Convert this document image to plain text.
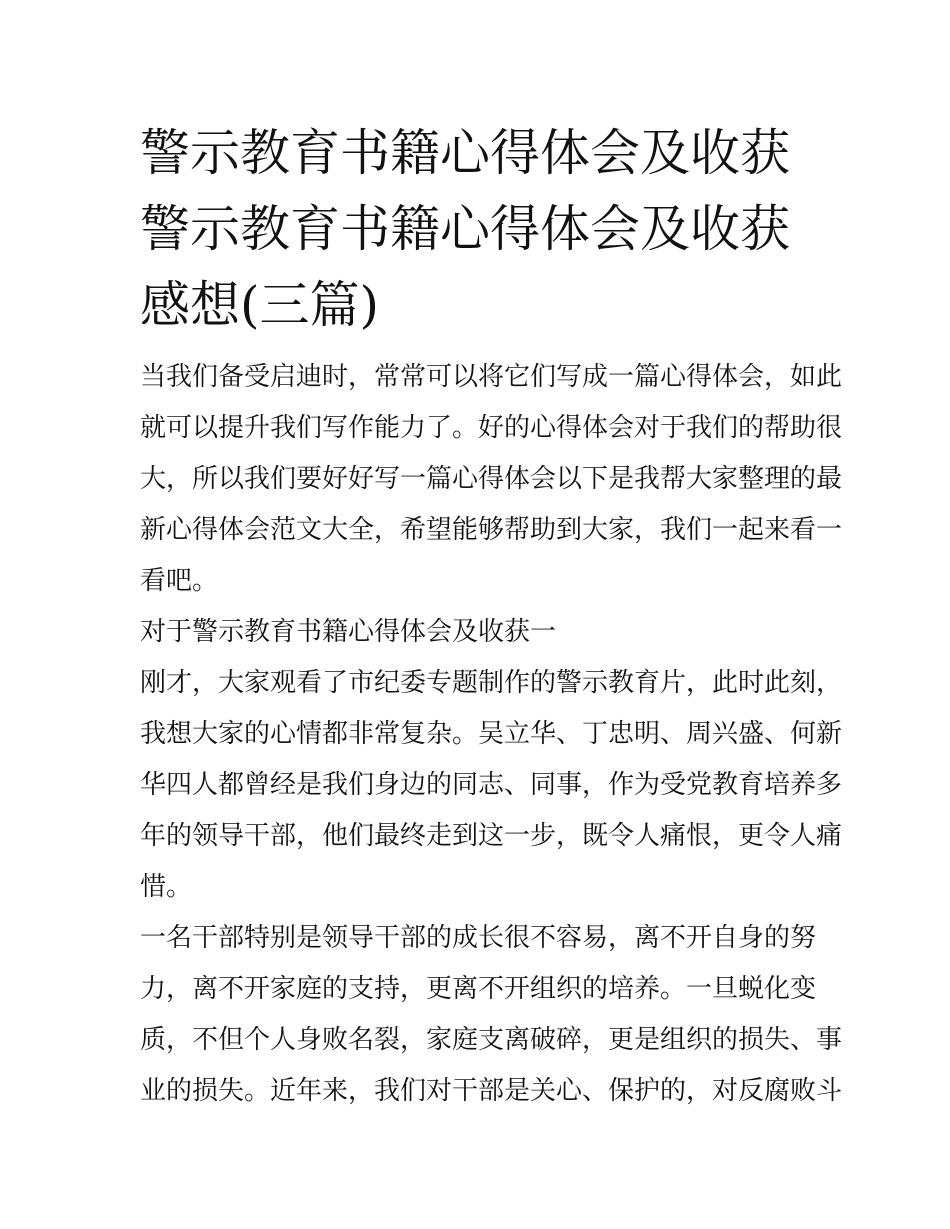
警示教育书籍心得体会及收获
警示教育书籍心得体会及收获
感想(三篇)
当我们备受启迪时，常常可以将它们写成一篇心得体会，如此
就可以提升我们写作能力了。好的心得体会对于我们的帮助很
大，所以我们要好好写一篇心得体会以下是我帮大家整理的最
新心得体会范文大全，希望能够帮助到大家，我们一起来看一
看吧。
对于警示教育书籍心得体会及收获一
刚才，大家观看了市纪委专题制作的警示教育片，此时此刻，
我想大家的心情都非常复杂。吴立华、丁忠明、周兴盛、何新
华四人都曾经是我们身边的同志、同事，作为受党教育培养多
年的领导干部，他们最终走到这一步，既令人痛恨，更令人痛
惜。
一名干部特别是领导干部的成长很不容易，离不开自身的努
力，离不开家庭的支持，更离不开组织的培养。一旦蜕化变
质，不但个人身败名裂，家庭支离破碎，更是组织的损失、事
业的损失。近年来，我们对干部是关心、保护的，对反腐败斗
